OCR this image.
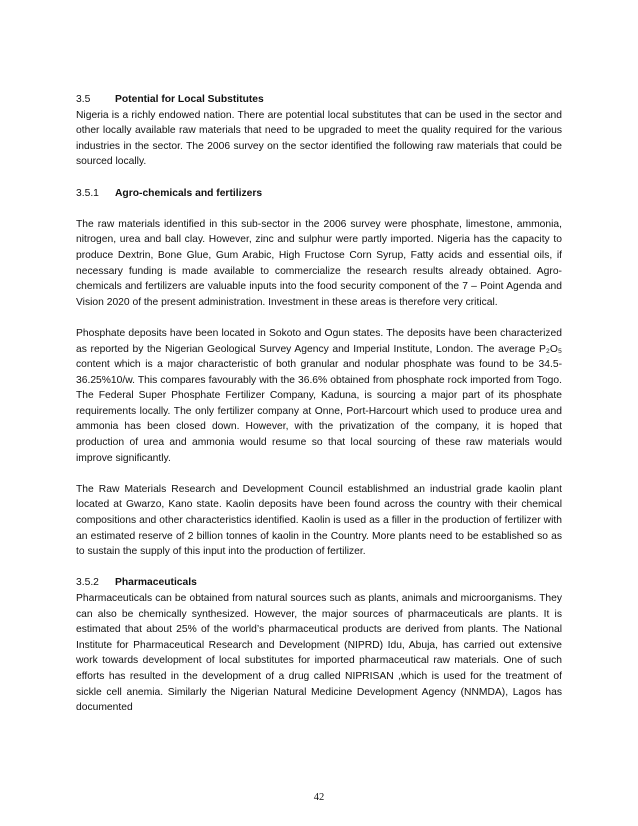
3.5 Potential for Local Substitutes

Nigeria is a richly endowed nation. There are potential local substitutes that can be used in the sector and other locally available raw materials that need to be upgraded to meet the quality required for the various industries in the sector. The 2006 survey on the sector identified the following raw materials that could be sourced locally.

3.5.1 Agro-chemicals and fertilizers

The raw materials identified in this sub-sector in the 2006 survey were phosphate, limestone, ammonia, nitrogen, urea and ball clay. However, zinc and sulphur were partly imported. Nigeria has the capacity to produce Dextrin, Bone Glue, Gum Arabic, High Fructose Corn Syrup, Fatty acids and essential oils, if necessary funding is made available to commercialize the research results already obtained. Agro-chemicals and fertilizers are valuable inputs into the food security component of the 7 – Point Agenda and Vision 2020 of the present administration. Investment in these areas is therefore very critical.

Phosphate deposits have been located in Sokoto and Ogun states. The deposits have been characterized as reported by the Nigerian Geological Survey Agency and Imperial Institute, London. The average P₂O₅ content which is a major characteristic of both granular and nodular phosphate was found to be 34.5-36.25%10/w. This compares favourably with the 36.6% obtained from phosphate rock imported from Togo. The Federal Super Phosphate Fertilizer Company, Kaduna, is sourcing a major part of its phosphate requirements locally. The only fertilizer company at Onne, Port-Harcourt which used to produce urea and ammonia has been closed down. However, with the privatization of the company, it is hoped that production of urea and ammonia would resume so that local sourcing of these raw materials would improve significantly.

The Raw Materials Research and Development Council establishmed an industrial grade kaolin plant located at Gwarzo, Kano state. Kaolin deposits have been found across the country with their chemical compositions and other characteristics identified. Kaolin is used as a filler in the production of fertilizer with an estimated reserve of 2 billion tonnes of kaolin in the Country. More plants need to be established so as to sustain the supply of this input into the production of fertilizer.

3.5.2 Pharmaceuticals

Pharmaceuticals can be obtained from natural sources such as plants, animals and microorganisms. They can also be chemically synthesized. However, the major sources of pharmaceuticals are plants. It is estimated that about 25% of the world’s pharmaceutical products are derived from plants. The National Institute for Pharmaceutical Research and Development (NIPRD) Idu, Abuja, has carried out extensive work towards development of local substitutes for imported pharmaceutical raw materials. One of such efforts has resulted in the development of a drug called NIPRISAN ,which is used for the treatment of sickle cell anemia. Similarly the Nigerian Natural Medicine Development Agency (NNMDA), Lagos has documented

42
